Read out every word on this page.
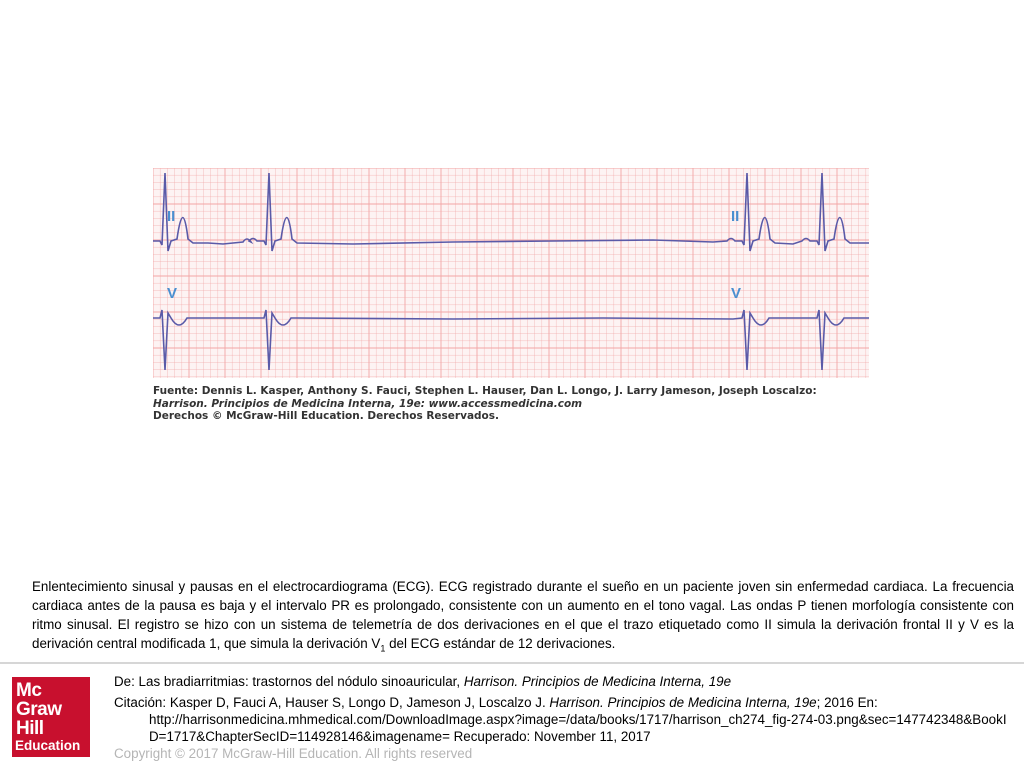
II
V
II
V
Fuente: Dennis L. Kasper, Anthony S. Fauci, Stephen L. Hauser, Dan L. Longo, J. Larry Jameson, Joseph Loscalzo:
Harrison. Principios de Medicina Interna, 19e: www.accessmedicina.com
Derechos © McGraw-Hill Education. Derechos Reservados.
Enlentecimiento sinusal y pausas en el electrocardiograma (ECG). ECG registrado durante el sueño en un paciente joven sin enfermedad cardiaca. La frecuencia cardiaca antes de la pausa es baja y el intervalo PR es prolongado, consistente con un aumento en el tono vagal. Las ondas P tienen morfología consistente con ritmo sinusal. El registro se hizo con un sistema de telemetría de dos derivaciones en el que el trazo etiquetado como II simula la derivación frontal II y V es la derivación central modificada 1, que simula la derivación $V_1$ del ECG estándar de 12 derivaciones.
Mc
Graw
Hill
Education
De: Las bradiarritmias: trastornos del nódulo sinoauricular, Harrison. Principios de Medicina Interna, 19e
Citación: Kasper D, Fauci A, Hauser S, Longo D, Jameson J, Loscalzo J. Harrison. Principios de Medicina Interna, 19e; 2016 En:
http://harrisonmedicina.mhmedical.com/DownloadImage.aspx?image=/data/books/1717/harrison_ch274_fig-274-03.png&sec=147742348&BookID=1717&ChapterSecID=114928146&imagename= Recuperado: November 11, 2017
Copyright © 2017 McGraw-Hill Education. All rights reserved
